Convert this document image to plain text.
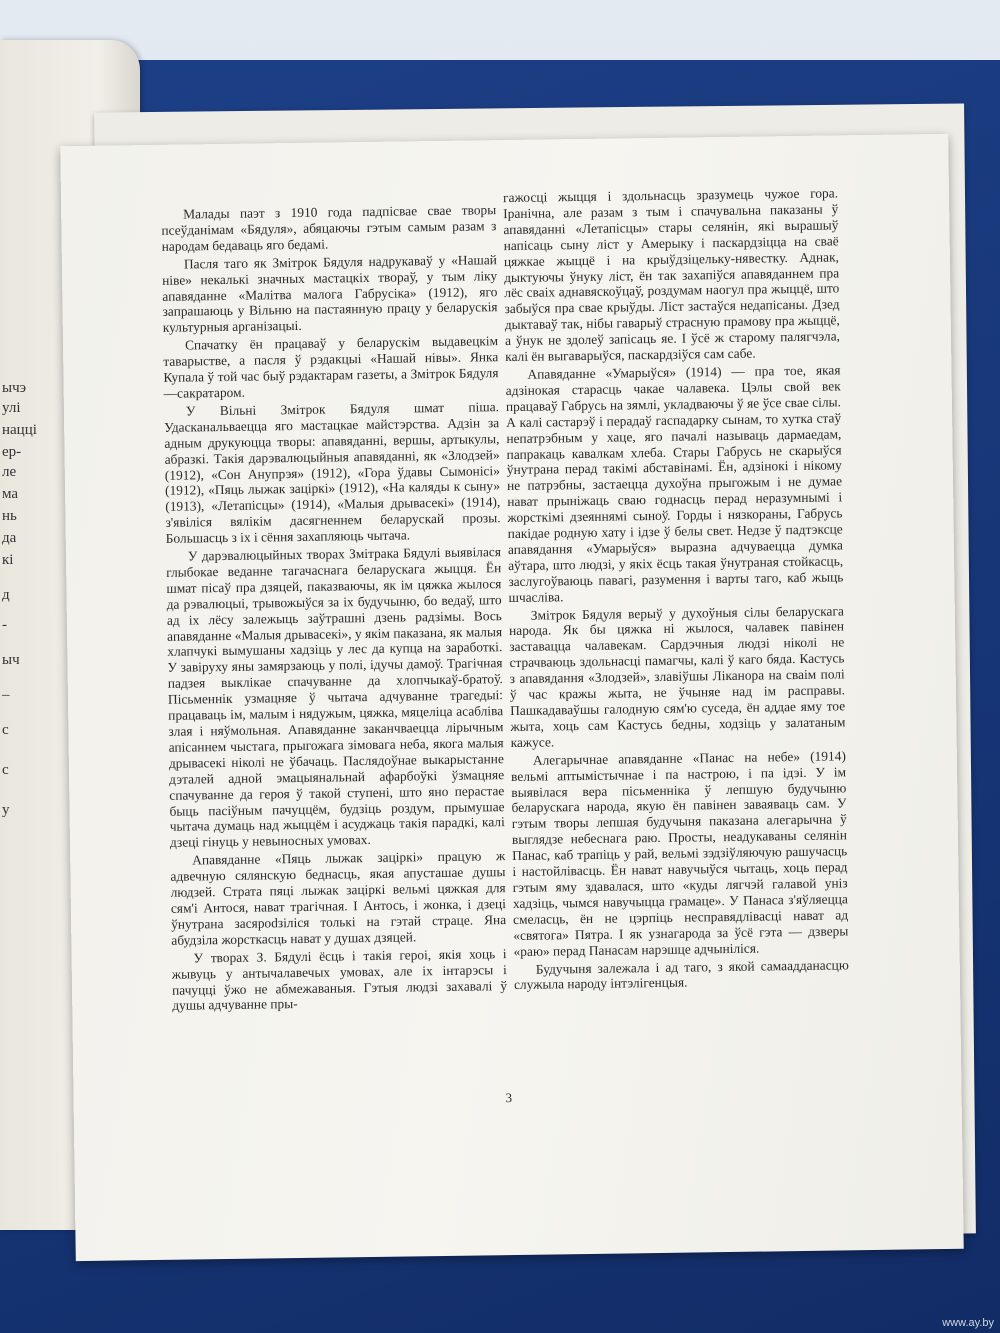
ычэ
улі
нацці
ер-
ле
ма
нь
да
кі
д
-
ыч
_
с
с
у

Малады паэт з 1910 года падпісвае свае творы псеўданімам «Бядуля», абяцаючы гэтым самым разам з народам бедаваць яго бедамі.

Пасля таго як Змітрок Бядуля надрукаваў у «Нашай ніве» некалькі значных мастацкіх твораў, у тым ліку апавяданне «Малітва малога Габрусіка» (1912), яго запрашаюць у Вільню на пастаянную працу у беларускія культурныя арганізацыі.

Спачатку ён працаваў у беларускім выдавецкім таварыстве, а пасля ў рэдакцыі «Нашай нівы». Янка Купала ў той час быў рэдактарам газеты, а Змітрок Бядуля—сакратаром.

У Вільні Змітрок Бядуля шмат піша. Удасканальваецца яго мастацкае майстэрства. Адзін за адным друкуюцца творы: апавяданні, вершы, артыкулы, абразкі. Такія дарэвалюцыйныя апавяданні, як «Злодзей» (1912), «Сон Анупрэя» (1912), «Гора ўдавы Сымонісі» (1912), «Пяць лыжак заціркі» (1912), «На каляды к сыну» (1913), «Летапісцы» (1914), «Малыя дрывасекі» (1914), з'явіліся вялікім дасягненнем беларускай прозы. Большасць з іх і сёння захапляюць чытача.

У дарэвалюцыйных творах Змітрака Бядулі выявілася глыбокае веданне тагачаснага беларускага жыцця. Ён шмат пісаў пра дзяцей, паказваючы, як ім цяжка жылося да рэвалюцыі, трывожыўся за іх будучыню, бо ведаў, што ад іх лёсу залежыць заўтрашні дзень радзімы. Вось апавяданне «Малыя дрывасекі», у якім паказана, як малыя хлапчукі вымушаны хадзіць у лес да купца на заработкі. У завіруху яны замярзаюць у полі, ідучы дамоў. Трагічная падзея выклікае спачуванне да хлопчыкаў-братоў. Пісьменнік узмацняе ў чытача адчуванне трагедыі: працаваць ім, малым і нядужым, цяжка, мяцеліца асабліва злая і няўмольная. Апавяданне заканчваецца лірычным апісаннем чыстага, прыгожага зімовага неба, якога малыя дрывасекі ніколі не ўбачаць. Паслядоўнае выкарыстанне дэталей адной эмацыянальнай афарбоўкі ўзмацняе спачуванне да героя ў такой ступені, што яно перастае быць пасіўным пачуццём, будзіць роздум, прымушае чытача думаць над жыццём і асуджаць такія парадкі, калі дзеці гінуць у невыносных умовах.

Апавяданне «Пяць лыжак заціркі» працую ж адвечную сялянскую беднасць, якая апусташае душы людзей. Страта пяці лыжак заціркі вельмі цяжкая для сям'і Антося, нават трагічная. І Антось, і жонка, і дзеці ўнутрана засярodзіліся толькі на гэтай страце. Яна абудзіла жорсткасць нават у душах дзяцей.

У творах З. Бядулі ёсць і такія героі, якія хоць і жывуць у антычалавечых умовах, але іх інтарэсы і пачуцці ўжо не абмежаваныя. Гэтыя людзі захавалі ў душы адчуванне пры-

гажосці жыцця і здольнасць зразумець чужое гора. Іранічна, але разам з тым і спачувальна паказаны ў апавяданні «Летапісцы» стары селянін, які вырашыў напісаць сыну ліст у Амерыку і паскардзіцца на сваё цяжкае жыццё і на крыўдзіцельку-нявестку. Аднак, дыктуючы ўнуку ліст, ён так захапіўся апавяданнем пра лёс сваіх аднавяскоўцаў, роздумам наогул пра жыццё, што забыўся пра свае крыўды. Ліст застаўся недапісаны. Дзед дыктаваў так, нібы гаварыў страсную прамову пра жыццё, а ўнук не здолеў запісаць яе. І ўсё ж старому палягчэла, калі ён выгаварыўся, паскардзіўся сам сабе.

Апавяданне «Умарыўся» (1914) — пра тое, якая адзінокая старасць чакае чалавека. Цэлы свой век працаваў Габрусь на зямлі, укладваючы ў яе ўсе свае сілы. А калі састарэў і перадаў гаспадарку сынам, то хутка стаў непатрэбным у хаце, яго пачалі называць дармаедам, папракаць кавалкам хлеба. Стары Габрусь не скарыўся ўнутрана перад такімі абставінамі. Ён, адзінокі і нікому не патрэбны, застаецца духоўна прыгожым і не думае нават прыніжаць сваю годнасць перад неразумнымі і жорсткімі дзеяннямі сыноў. Горды і нязкораны, Габрусь пакідае родную хату і ідзе ў белы свет. Недзе ў падтэксце апавядання «Умарыўся» выразна адчуваецца думка аўтара, што людзі, у якіх ёсць такая ўнутраная стойкасць, заслугоўваюць павагі, разумення і варты таго, каб жыць шчасліва.

Змітрок Бядуля верыў у духоўныя сілы беларускага народа. Як бы цяжка ні жылося, чалавек павінен заставацца чалавекам. Сардэчныя людзі ніколі не страчваюць здольнасці памагчы, калі ў каго бяда. Кастусь з апавядання «Злодзей», злавіўшы Лiканора на сваім полі ў час кражы жыта, не ўчыняе над ім расправы. Пашкадаваўшы галодную сям'ю суседа, ён аддае яму тое жыта, хоць сам Кастусь бедны, ходзіць у залатаным кажусе.

Алегарычнае апавяданне «Панас на небе» (1914) вельмі аптымістычнае і па настрою, і па ідэі. У ім выявілася вера пісьменніка ў лепшую будучыню беларускага народа, якую ён павінен заваяваць сам. У гэтым творы лепшая будучыня паказана алегарычна ў выглядзе небеснага раю. Просты, неадукаваны селянін Панас, каб трапіць у рай, вельмі зэдзіўляючую рашучасць і настойлівасць. Ён нават навучыўся чытаць, хоць перад гэтым яму здавалася, што «куды лягчэй галавой уніз хадзіць, чымся навучыцца грамаце». У Панаса з'яўляецца смеласць, ён не цэрпіць несправядлівасці нават ад «святога» Пятра. І як узнагарода за ўсё гэта — дзверы «раю» перад Панасам нарэшце адчыніліся.

Будучыня залежала і ад таго, з якой самаадданасцю служыла народу інтэлігенцыя.

3
www.ay.by
